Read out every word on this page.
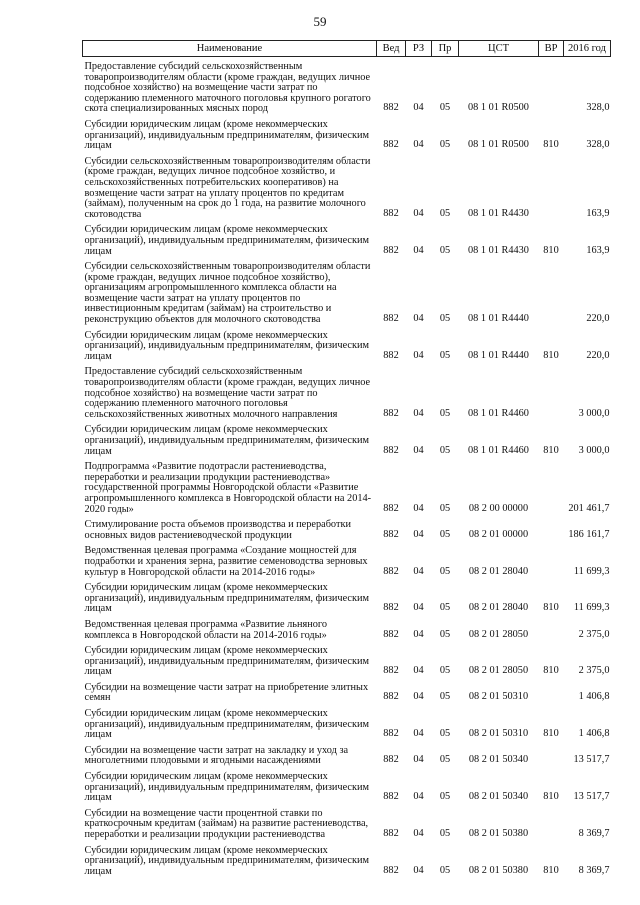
59
Наименование	Вед	РЗ	Пр	ЦСТ	ВР	2016 год
Предоставление субсидий сельскохозяйственным товаропроизводителям области (кроме граждан, ведущих личное подсобное хозяйство) на возмещение части затрат по содержанию племенного маточного поголовья крупного рогатого скота специализированных мясных пород	882	04	05	08 1 01 R0500		328,0
Субсидии юридическим лицам (кроме некоммерческих организаций), индивидуальным предпринимателям, физическим лицам	882	04	05	08 1 01 R0500	810	328,0
Субсидии сельскохозяйственным товаропроизводителям области (кроме граждан, ведущих личное подсобное хозяйство, и сельскохозяйственных потребительских кооперативов) на возмещение части затрат на уплату процентов по кредитам (займам), полученным на срок до 1 года, на развитие молочного скотоводства	882	04	05	08 1 01 R4430		163,9
Субсидии юридическим лицам (кроме некоммерческих организаций), индивидуальным предпринимателям, физическим лицам	882	04	05	08 1 01 R4430	810	163,9
Субсидии сельскохозяйственным товаропроизводителям области (кроме граждан, ведущих личное подсобное хозяйство), организациям агропромышленного комплекса области на возмещение части затрат на уплату процентов по инвестиционным кредитам (займам) на строительство и реконструкцию объектов для молочного скотоводства	882	04	05	08 1 01 R4440		220,0
Субсидии юридическим лицам (кроме некоммерческих организаций), индивидуальным предпринимателям, физическим лицам	882	04	05	08 1 01 R4440	810	220,0
Предоставление субсидий сельскохозяйственным товаропроизводителям области (кроме граждан, ведущих личное подсобное хозяйство) на возмещение части затрат по содержанию племенного маточного поголовья сельскохозяйственных животных молочного направления	882	04	05	08 1 01 R4460		3 000,0
Субсидии юридическим лицам (кроме некоммерческих организаций), индивидуальным предпринимателям, физическим лицам	882	04	05	08 1 01 R4460	810	3 000,0
Подпрограмма «Развитие подотрасли растениеводства, переработки и реализации продукции растениеводства» государственной программы Новгородской области «Развитие агропромышленного комплекса в Новгородской области на 2014-2020 годы»	882	04	05	08 2 00 00000		201 461,7
Стимулирование роста объемов производства и переработки основных видов растениеводческой продукции	882	04	05	08 2 01 00000		186 161,7
Ведомственная целевая программа «Создание мощностей для подработки и хранения зерна, развитие семеноводства зерновых культур в Новгородской области на 2014-2016 годы»	882	04	05	08 2 01 28040		11 699,3
Субсидии юридическим лицам (кроме некоммерческих организаций), индивидуальным предпринимателям, физическим лицам	882	04	05	08 2 01 28040	810	11 699,3
Ведомственная целевая программа «Развитие льняного комплекса в Новгородской области на 2014-2016 годы»	882	04	05	08 2 01 28050		2 375,0
Субсидии юридическим лицам (кроме некоммерческих организаций), индивидуальным предпринимателям, физическим лицам	882	04	05	08 2 01 28050	810	2 375,0
Субсидии на возмещение части затрат на приобретение элитных семян	882	04	05	08 2 01 50310		1 406,8
Субсидии юридическим лицам (кроме некоммерческих организаций), индивидуальным предпринимателям, физическим лицам	882	04	05	08 2 01 50310	810	1 406,8
Субсидии на возмещение части затрат на закладку и уход за многолетними плодовыми и ягодными насаждениями	882	04	05	08 2 01 50340		13 517,7
Субсидии юридическим лицам (кроме некоммерческих организаций), индивидуальным предпринимателям, физическим лицам	882	04	05	08 2 01 50340	810	13 517,7
Субсидии на возмещение части процентной ставки по краткосрочным кредитам (займам) на развитие растениеводства, переработки и реализации продукции растениеводства	882	04	05	08 2 01 50380		8 369,7
Субсидии юридическим лицам (кроме некоммерческих организаций), индивидуальным предпринимателям, физическим лицам	882	04	05	08 2 01 50380	810	8 369,7
